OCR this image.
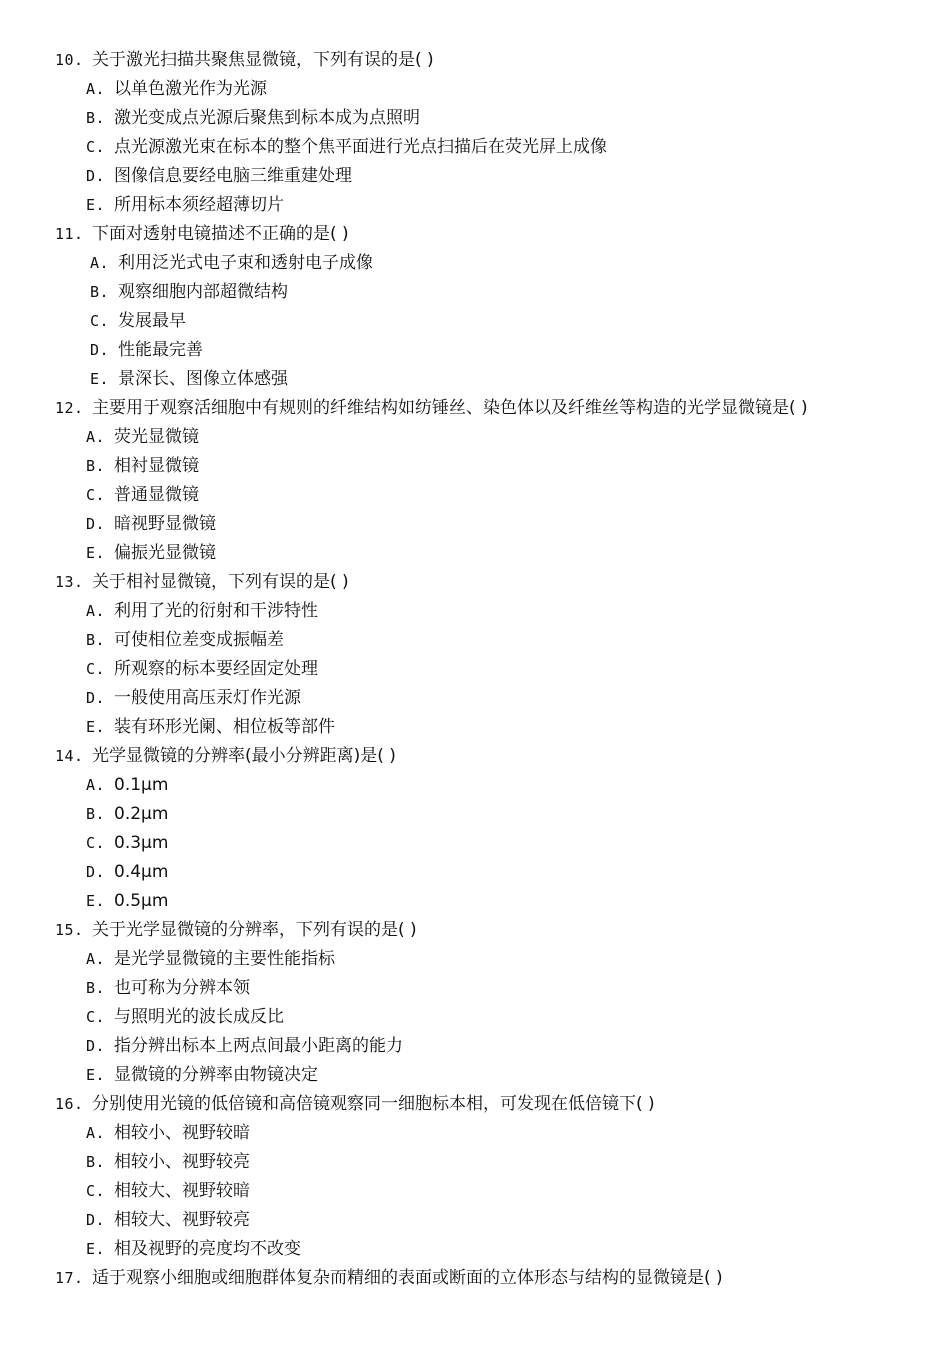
10. 关于激光扫描共聚焦显微镜，下列有误的是( )
A. 以单色激光作为光源
B. 激光变成点光源后聚焦到标本成为点照明
C. 点光源激光束在标本的整个焦平面进行光点扫描后在荧光屏上成像
D. 图像信息要经电脑三维重建处理
E. 所用标本须经超薄切片
11. 下面对透射电镜描述不正确的是( )
A. 利用泛光式电子束和透射电子成像
B. 观察细胞内部超微结构
C. 发展最早
D. 性能最完善
E. 景深长、图像立体感强
12. 主要用于观察活细胞中有规则的纤维结构如纺锤丝、染色体以及纤维丝等构造的光学显微镜是( )
A. 荧光显微镜
B. 相衬显微镜
C. 普通显微镜
D. 暗视野显微镜
E. 偏振光显微镜
13. 关于相衬显微镜，下列有误的是( )
A. 利用了光的衍射和干涉特性
B. 可使相位差变成振幅差
C. 所观察的标本要经固定处理
D. 一般使用高压汞灯作光源
E. 装有环形光阑、相位板等部件
14. 光学显微镜的分辨率(最小分辨距离)是( )
A. 0.1μm
B. 0.2μm
C. 0.3μm
D. 0.4μm
E. 0.5μm
15. 关于光学显微镜的分辨率，下列有误的是( )
A. 是光学显微镜的主要性能指标
B. 也可称为分辨本领
C. 与照明光的波长成反比
D. 指分辨出标本上两点间最小距离的能力
E. 显微镜的分辨率由物镜决定
16. 分别使用光镜的低倍镜和高倍镜观察同一细胞标本相，可发现在低倍镜下( )
A. 相较小、视野较暗
B. 相较小、视野较亮
C. 相较大、视野较暗
D. 相较大、视野较亮
E. 相及视野的亮度均不改变
17. 适于观察小细胞或细胞群体复杂而精细的表面或断面的立体形态与结构的显微镜是( )
